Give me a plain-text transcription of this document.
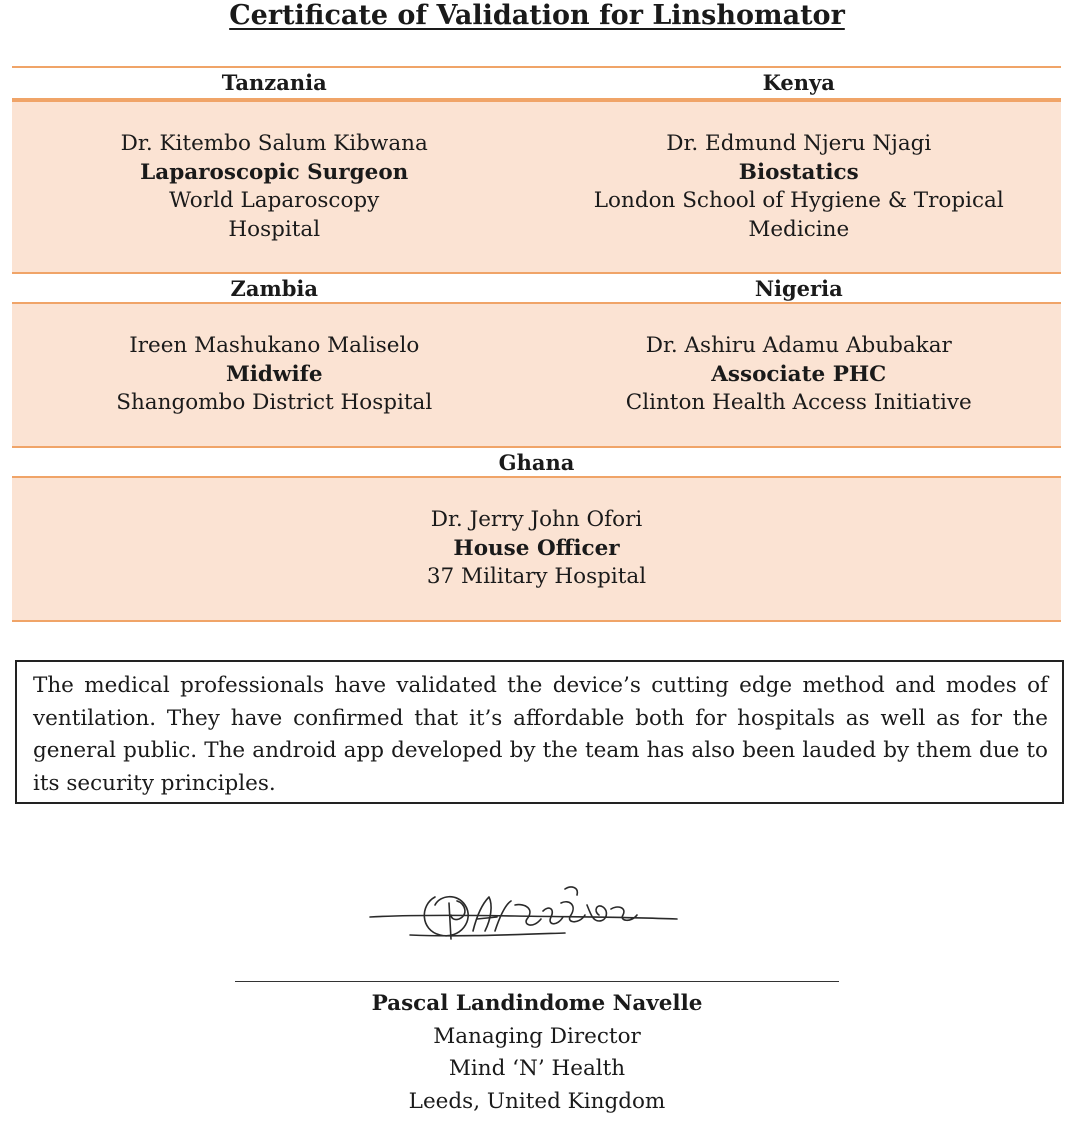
Certificate of Validation for Linshomator
Tanzania	Kenya
Dr. Kitembo Salum Kibwana
Laparoscopic Surgeon
World Laparoscopy
Hospital
Dr. Edmund Njeru Njagi
Biostatics
London School of Hygiene & Tropical
Medicine
Zambia	Nigeria
Ireen Mashukano Maliselo
Midwife
Shangombo District Hospital
Dr. Ashiru Adamu Abubakar
Associate PHC
Clinton Health Access Initiative
Ghana
Dr. Jerry John Ofori
House Officer
37 Military Hospital
The medical professionals have validated the device’s cutting edge method and modes of ventilation. They have confirmed that it’s affordable both for hospitals as well as for the general public. The android app developed by the team has also been lauded by them due to its security principles.
Pascal Landindome Navelle
Managing Director
Mind ‘N’ Health
Leeds, United Kingdom
